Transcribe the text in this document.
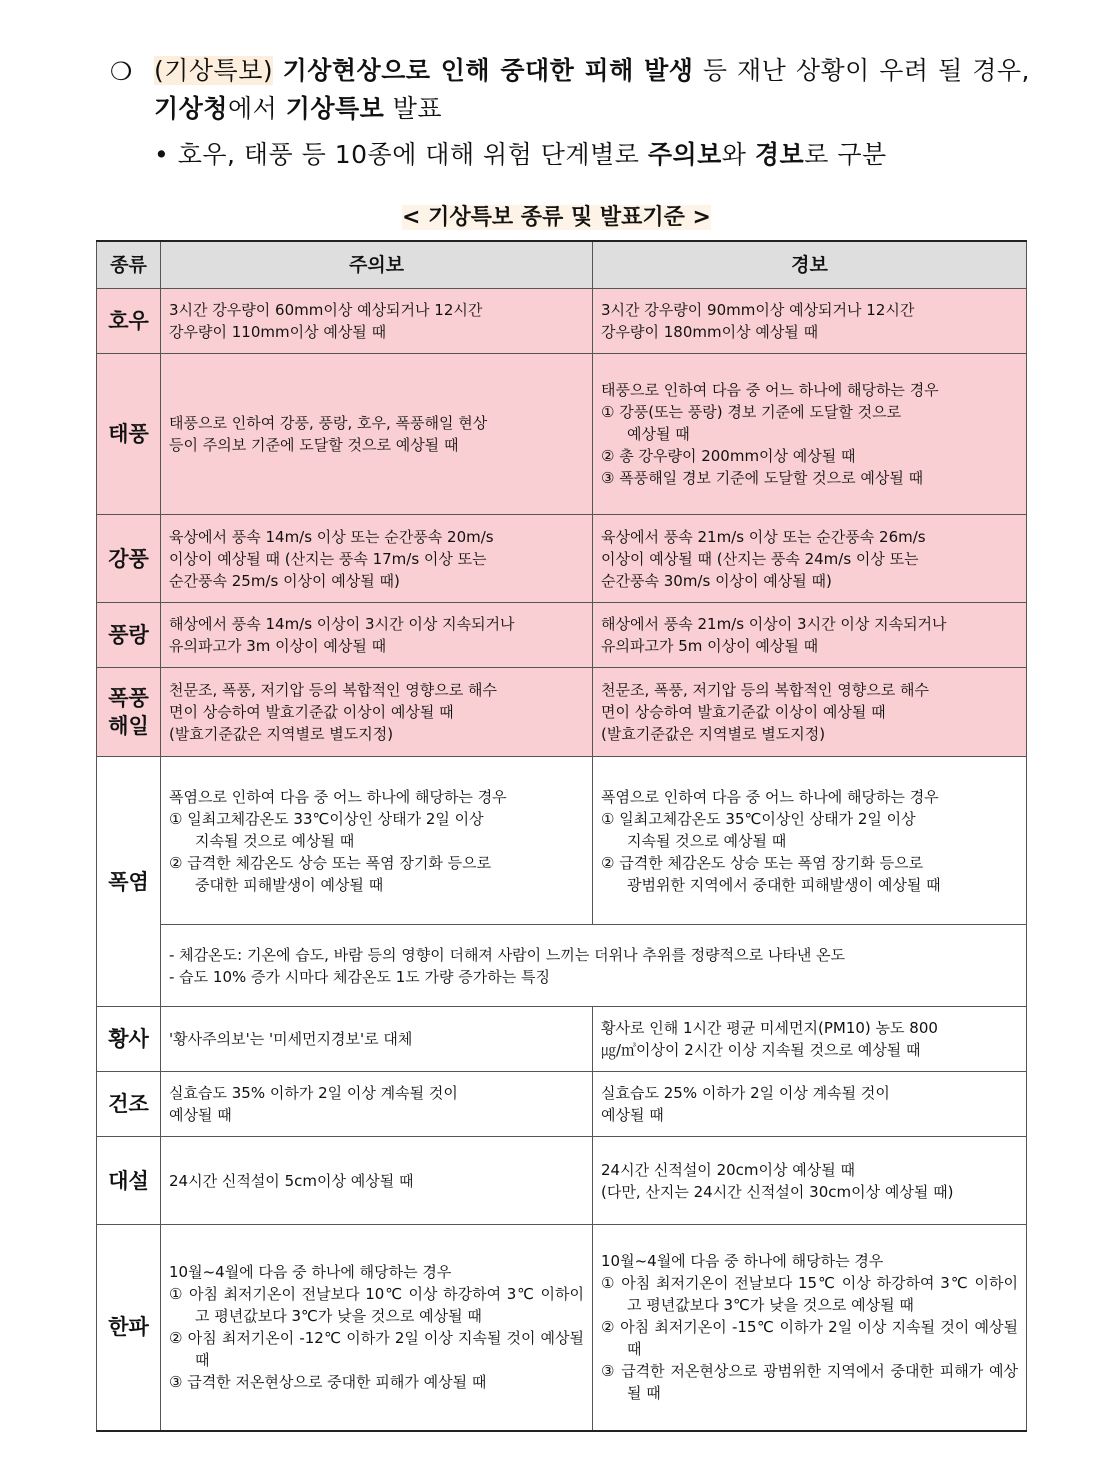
❍ (기상특보) 기상현상으로 인해 중대한 피해 발생 등 재난 상황이 우려 될 경우, 기상청에서 기상특보 발표
• 호우, 태풍 등 10종에 대해 위험 단계별로 주의보와 경보로 구분
< 기상특보 종류 및 발표기준 >
종류	주의보	경보
호우	3시간 강우량이 60mm이상 예상되거나 12시간
강우량이 110mm이상 예상될 때	3시간 강우량이 90mm이상 예상되거나 12시간
강우량이 180mm이상 예상될 때

태풍	태풍으로 인하여 강풍, 풍랑, 호우, 폭풍해일 현상
등이 주의보 기준에 도달할 것으로 예상될 때	태풍으로 인하여 다음 중 어느 하나에 해당하는 경우
① 강풍(또는 풍랑) 경보 기준에 도달할 것으로
예상될 때
② 총 강우량이 200mm이상 예상될 때
③ 폭풍해일 경보 기준에 도달할 것으로 예상될 때

강풍	육상에서 풍속 14m/s 이상 또는 순간풍속 20m/s
이상이 예상될 때 (산지는 풍속 17m/s 이상 또는
순간풍속 25m/s 이상이 예상될 때)	육상에서 풍속 21m/s 이상 또는 순간풍속 26m/s
이상이 예상될 때 (산지는 풍속 24m/s 이상 또는
순간풍속 30m/s 이상이 예상될 때)

풍랑	해상에서 풍속 14m/s 이상이 3시간 이상 지속되거나
유의파고가 3m 이상이 예상될 때	해상에서 풍속 21m/s 이상이 3시간 이상 지속되거나
유의파고가 5m 이상이 예상될 때

폭풍
해일	천문조, 폭풍, 저기압 등의 복합적인 영향으로 해수
면이 상승하여 발효기준값 이상이 예상될 때
(발효기준값은 지역별로 별도지정)	천문조, 폭풍, 저기압 등의 복합적인 영향으로 해수
면이 상승하여 발효기준값 이상이 예상될 때
(발효기준값은 지역별로 별도지정)

폭염	폭염으로 인하여 다음 중 어느 하나에 해당하는 경우
① 일최고체감온도 33℃이상인 상태가 2일 이상
지속될 것으로 예상될 때
② 급격한 체감온도 상승 또는 폭염 장기화 등으로
중대한 피해발생이 예상될 때	폭염으로 인하여 다음 중 어느 하나에 해당하는 경우
① 일최고체감온도 35℃이상인 상태가 2일 이상
지속될 것으로 예상될 때
② 급격한 체감온도 상승 또는 폭염 장기화 등으로
광범위한 지역에서 중대한 피해발생이 예상될 때

	- 체감온도: 기온에 습도, 바람 등의 영향이 더해져 사람이 느끼는 더위나 추위를 정량적으로 나타낸 온도
- 습도 10% 증가 시마다 체감온도 1도 가량 증가하는 특징	

황사	'황사주의보'는 '미세먼지경보'로 대체	황사로 인해 1시간 평균 미세먼지(PM10) 농도 800
㎍/㎥이상이 2시간 이상 지속될 것으로 예상될 때

건조	실효습도 35% 이하가 2일 이상 계속될 것이
예상될 때	실효습도 25% 이하가 2일 이상 계속될 것이
예상될 때

대설	24시간 신적설이 5cm이상 예상될 때	24시간 신적설이 20cm이상 예상될 때
(다만, 산지는 24시간 신적설이 30cm이상 예상될 때)

한파	10월~4월에 다음 중 하나에 해당하는 경우
① 아침 최저기온이 전날보다 10℃ 이상 하강하여 3℃ 이하이고 평년값보다 3℃가 낮을 것으로 예상될 때
② 아침 최저기온이 -12℃ 이하가 2일 이상 지속될 것이 예상될 때
③ 급격한 저온현상으로 중대한 피해가 예상될 때	10월~4월에 다음 중 하나에 해당하는 경우
① 아침 최저기온이 전날보다 15℃ 이상 하강하여 3℃ 이하이고 평년값보다 3℃가 낮을 것으로 예상될 때
② 아침 최저기온이 -15℃ 이하가 2일 이상 지속될 것이 예상될 때
③ 급격한 저온현상으로 광범위한 지역에서 중대한 피해가 예상될 때
